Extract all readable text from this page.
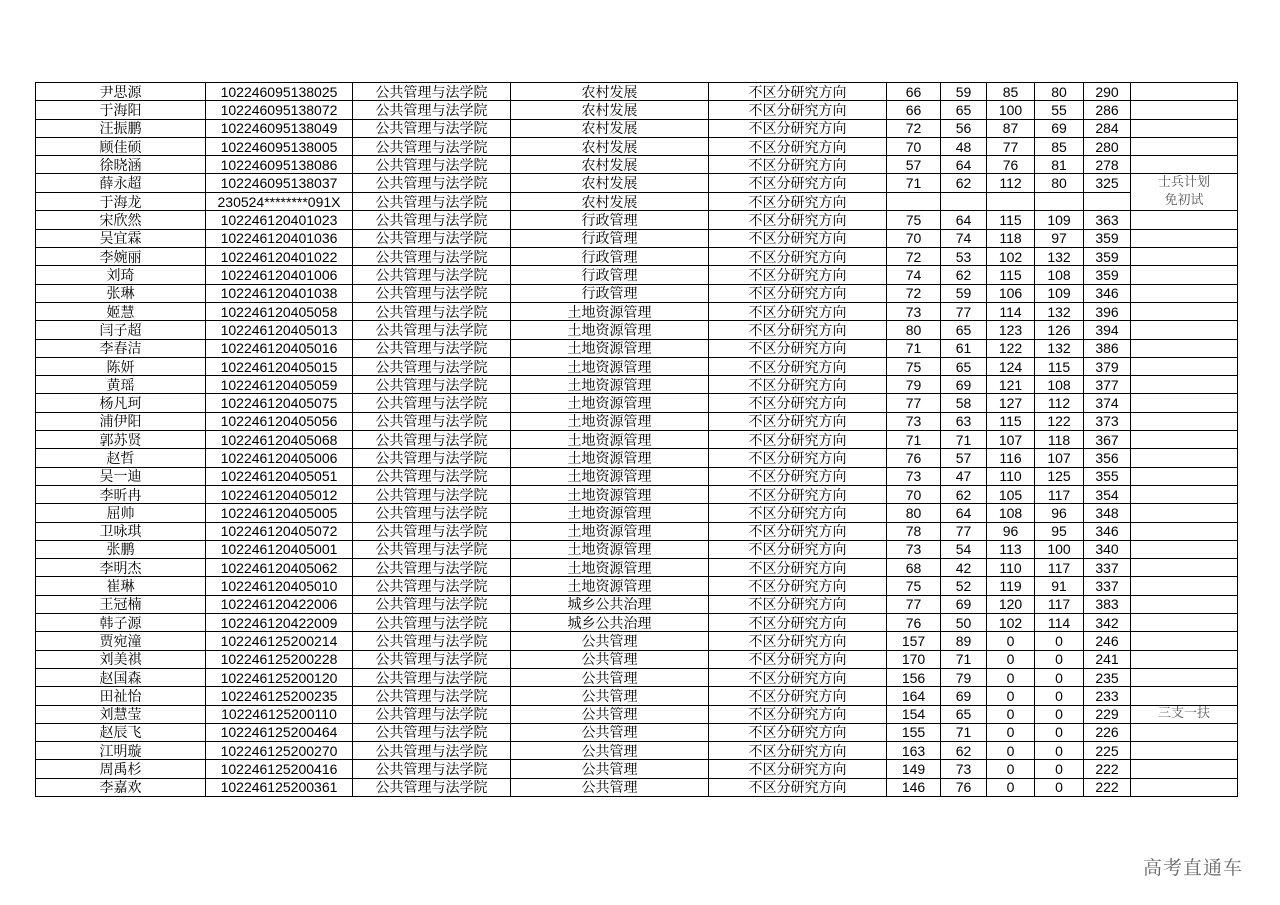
尹思源	102246095138025	公共管理与法学院	农村发展	不区分研究方向	66	59	85	80	290	
于海阳	102246095138072	公共管理与法学院	农村发展	不区分研究方向	66	65	100	55	286	
汪振鹏	102246095138049	公共管理与法学院	农村发展	不区分研究方向	72	56	87	69	284	
顾佳硕	102246095138005	公共管理与法学院	农村发展	不区分研究方向	70	48	77	85	280	
徐晓涵	102246095138086	公共管理与法学院	农村发展	不区分研究方向	57	64	76	81	278	
薛永超	102246095138037	公共管理与法学院	农村发展	不区分研究方向	71	62	112	80	325	士兵计划
免初试

于海龙	230524********091X	公共管理与法学院	农村发展	不区分研究方向						
宋欣然	102246120401023	公共管理与法学院	行政管理	不区分研究方向	75	64	115	109	363	
吴宜霖	102246120401036	公共管理与法学院	行政管理	不区分研究方向	70	74	118	97	359	
李婉丽	102246120401022	公共管理与法学院	行政管理	不区分研究方向	72	53	102	132	359	
刘琦	102246120401006	公共管理与法学院	行政管理	不区分研究方向	74	62	115	108	359	
张琳	102246120401038	公共管理与法学院	行政管理	不区分研究方向	72	59	106	109	346	
姬慧	102246120405058	公共管理与法学院	土地资源管理	不区分研究方向	73	77	114	132	396	
闫子超	102246120405013	公共管理与法学院	土地资源管理	不区分研究方向	80	65	123	126	394	
李春洁	102246120405016	公共管理与法学院	土地资源管理	不区分研究方向	71	61	122	132	386	
陈妍	102246120405015	公共管理与法学院	土地资源管理	不区分研究方向	75	65	124	115	379	
黄瑶	102246120405059	公共管理与法学院	土地资源管理	不区分研究方向	79	69	121	108	377	
杨凡珂	102246120405075	公共管理与法学院	土地资源管理	不区分研究方向	77	58	127	112	374	
浦伊阳	102246120405056	公共管理与法学院	土地资源管理	不区分研究方向	73	63	115	122	373	
郭苏贤	102246120405068	公共管理与法学院	土地资源管理	不区分研究方向	71	71	107	118	367	
赵哲	102246120405006	公共管理与法学院	土地资源管理	不区分研究方向	76	57	116	107	356	
吴一迪	102246120405051	公共管理与法学院	土地资源管理	不区分研究方向	73	47	110	125	355	
李昕冉	102246120405012	公共管理与法学院	土地资源管理	不区分研究方向	70	62	105	117	354	
屈帅	102246120405005	公共管理与法学院	土地资源管理	不区分研究方向	80	64	108	96	348	
卫咏琪	102246120405072	公共管理与法学院	土地资源管理	不区分研究方向	78	77	96	95	346	
张鹏	102246120405001	公共管理与法学院	土地资源管理	不区分研究方向	73	54	113	100	340	
李明杰	102246120405062	公共管理与法学院	土地资源管理	不区分研究方向	68	42	110	117	337	
崔琳	102246120405010	公共管理与法学院	土地资源管理	不区分研究方向	75	52	119	91	337	
王冠楠	102246120422006	公共管理与法学院	城乡公共治理	不区分研究方向	77	69	120	117	383	
韩子源	102246120422009	公共管理与法学院	城乡公共治理	不区分研究方向	76	50	102	114	342	
贾宛潼	102246125200214	公共管理与法学院	公共管理	不区分研究方向	157	89	0	0	246	
刘美祺	102246125200228	公共管理与法学院	公共管理	不区分研究方向	170	71	0	0	241	
赵国森	102246125200120	公共管理与法学院	公共管理	不区分研究方向	156	79	0	0	235	
田祉怡	102246125200235	公共管理与法学院	公共管理	不区分研究方向	164	69	0	0	233	
刘慧莹	102246125200110	公共管理与法学院	公共管理	不区分研究方向	154	65	0	0	229	三支一扶
赵辰飞	102246125200464	公共管理与法学院	公共管理	不区分研究方向	155	71	0	0	226	
江明璇	102246125200270	公共管理与法学院	公共管理	不区分研究方向	163	62	0	0	225	
周禹杉	102246125200416	公共管理与法学院	公共管理	不区分研究方向	149	73	0	0	222	
李嘉欢	102246125200361	公共管理与法学院	公共管理	不区分研究方向	146	76	0	0	222	
高考直通车
